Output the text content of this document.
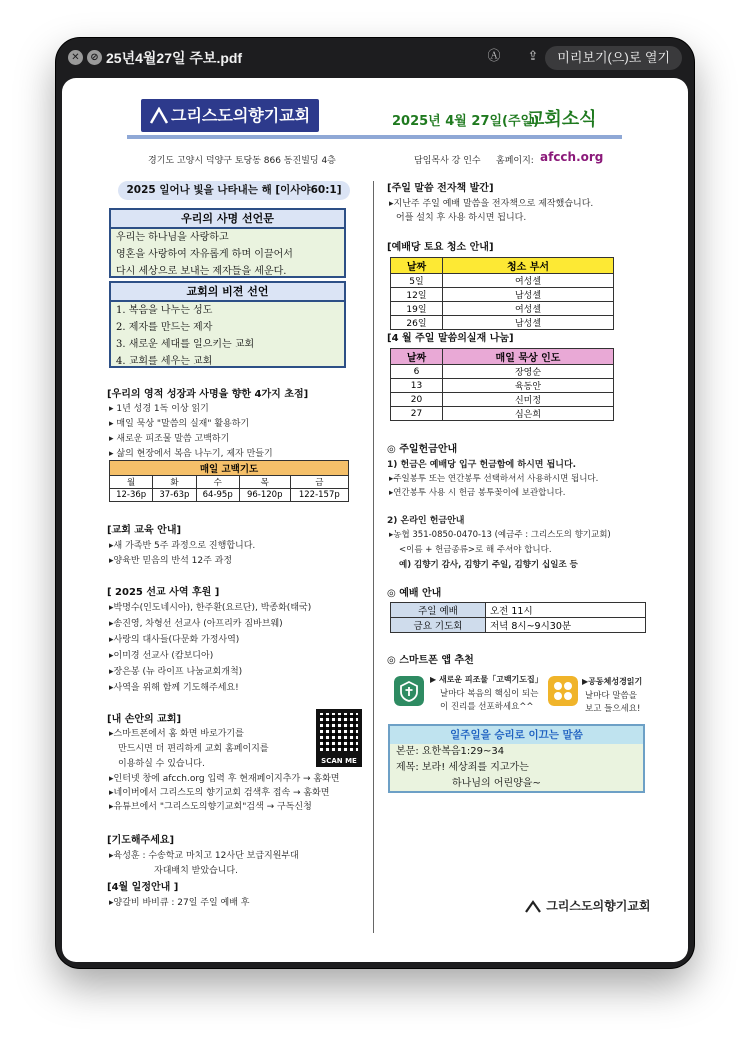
✕	⊘ 25년4월27일 주보.pdf	Ⓐ	⇪	미리보기(으)로 열기
그리스도의향기교회	2025년 4월 27일(주일)
교회소식
경기도 고양시 덕양구 토당동 866 동진빌딩 4층	담임목사 강 인수 홈페이지: afcch.org
2025 일어나 빛을 나타내는 해 [이사야60:1]
우리의 사명 선언문
우리는 하나님을 사랑하고
영혼을 사랑하여 자유롭게 하며 이끌어서
다시 세상으로 보내는 제자들을 세운다.
교회의 비젼 선언
1. 복음을 나누는 성도
2. 제자를 만드는 제자
3. 새로운 세대를 일으키는 교회
4. 교회를 세우는 교회
[우리의 영적 성장과 사명을 향한 4가지 초점]
▸ 1년 성경 1독 이상 읽기
▸ 매일 묵상 "말씀의 실재" 활용하기
▸ 새로운 피조물 말씀 고백하기
▸ 삶의 현장에서 복음 나누기, 제자 만들기
매일 고백기도				
월	화	수	목	금
12-36p	37-63p	64-95p	96-120p	122-157p
[교회 교육 안내]
▸새 가족반 5주 과정으로 진행합니다.
▸양육반 믿음의 반석 12주 과정
[ 2025 선교 사역 후원 ]
▸박명수(인도네시아), 한주환(요르단), 박종화(태국)
▸송진영, 차형선 선교사 (아프리카 짐바브웨)
▸사랑의 대사들(다문화 가정사역)
▸이미경 선교사 (캄보디아)
▸장은봉 (뉴 라이프 나눔교회개척)
▸사역을 위해 함께 기도해주세요!
[내 손안의 교회]
▸스마트폰에서 홈 화면 바로가기를
만드시면 더 편리하게 교회 홈페이지를
이용하실 수 있습니다.
▸인터넷 창에 afcch.org 입력 후 현재페이지추가 → 홈화면
▸네이버에서 그리스도의 향기교회 검색후 접속 → 홈화면
▸유튜브에서 "그리스도의향기교회"검색 → 구독신청
SCAN ME
[기도해주세요]
▸육성훈 : 수송학교 마치고 12사단 보급지원부대
자대배치 받았습니다.
[4월 일정안내 ]
▸양갈비 바비큐 : 27일 주일 예배 후
[주일 말씀 전자책 발간]
▸지난주 주일 예배 말씀을 전자책으로 제작했습니다.
어플 설치 후 사용 하시면 됩니다.
[예배당 토요 청소 안내]
날짜	청소 부서
5일	여성셀
12일	남성셀
19일	여성셀
26일	남성셀
[4 월 주일 말씀의실재 나눔]
날짜	매일 묵상 인도
6	장영순
13	육동안
20	신미정
27	심은희
◎ 주일헌금안내
1) 헌금은 예배당 입구 헌금함에 하시면 됩니다.
▸주일봉투 또는 연간봉투 선택하셔서 사용하시면 됩니다.
▸연간봉투 사용 시 헌금 봉투꽂이에 보관합니다.
2) 온라인 헌금안내
▸농협 351-0850-0470-13 (예금주 : 그리스도의 향기교회)
<이름 + 헌금종류>로 해 주셔야 합니다.
예) 김향기 감사, 김향기 주일, 김향기 십일조 등
◎ 예배 안내
주일 예배	오전 11시
금요 기도회	저녁 8시~9시30분
◎ 스마트폰 앱 추천
▶ 새로운 피조물「고백기도집」
날마다 복음의 핵심이 되는
이 진리를 선포하세요^^
▶공동체성경읽기
날마다 말씀을
보고 들으세요!
일주일을 승리로 이끄는 말씀
본문: 요한복음1:29~34
제목: 보라! 세상죄를 지고가는
하나님의 어린양을~
그리스도의향기교회
